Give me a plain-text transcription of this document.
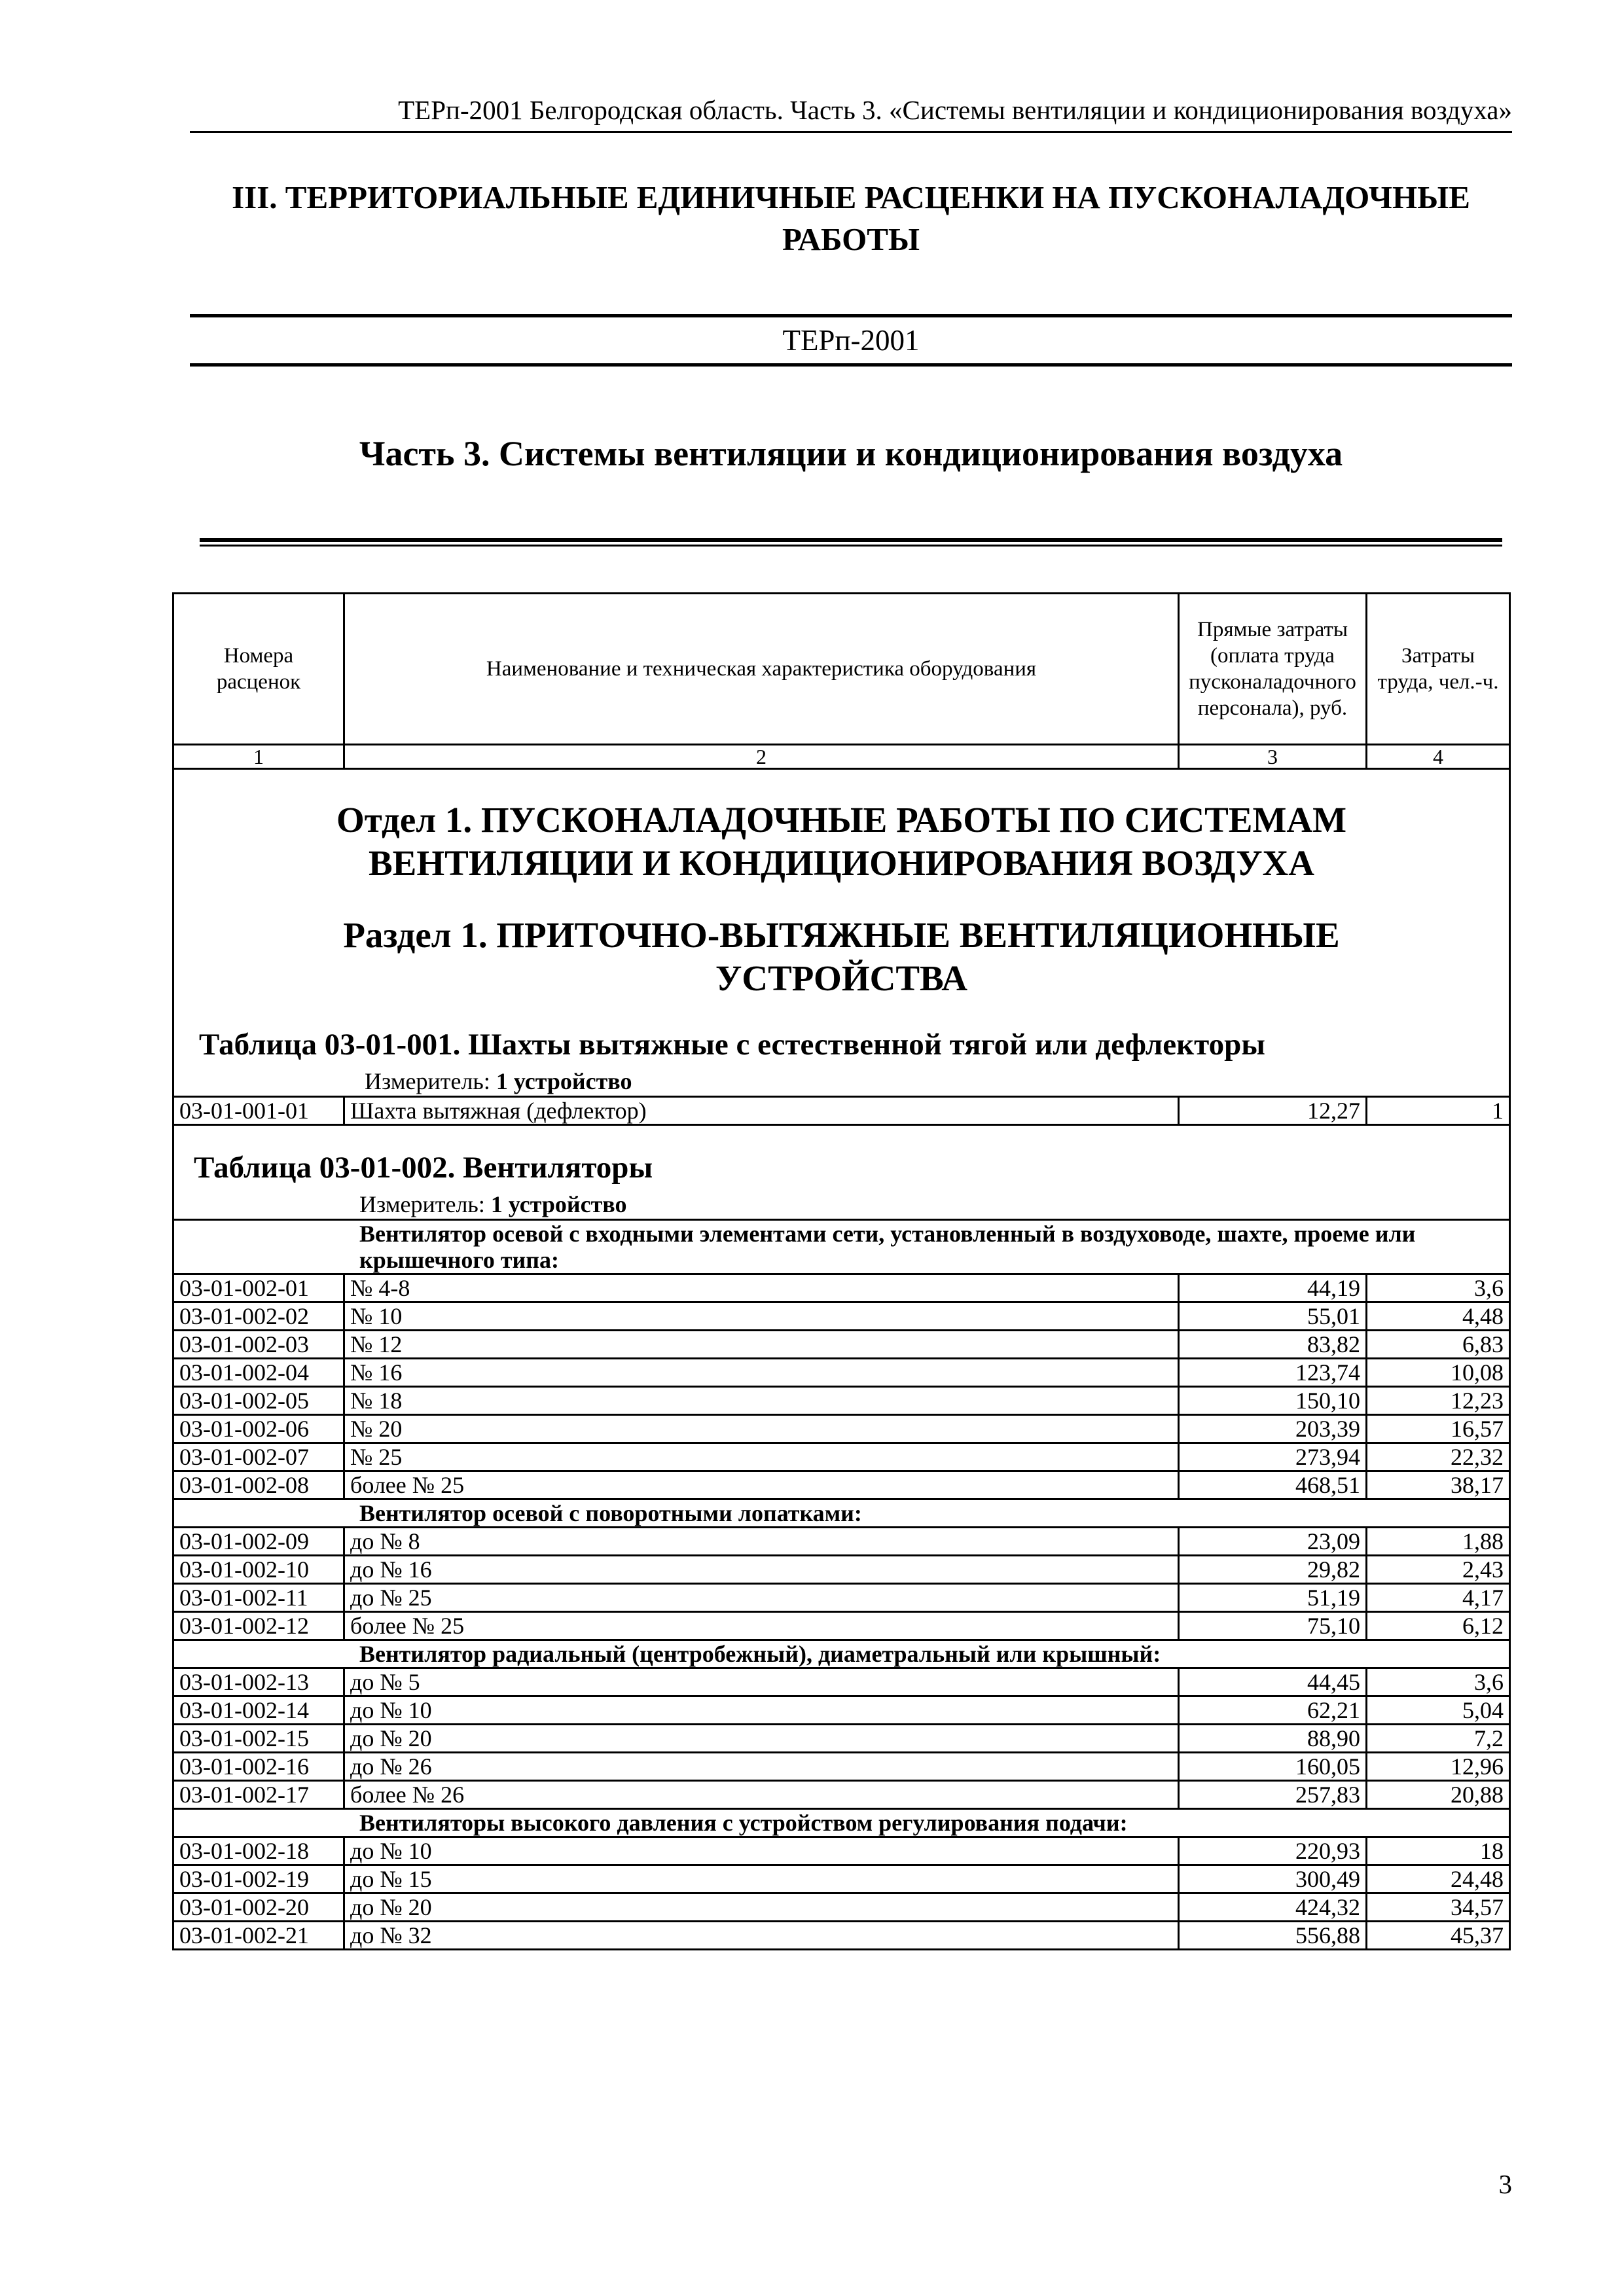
ТЕРп-2001 Белгородская область. Часть 3. «Системы вентиляции и кондиционирования воздуха»
III. ТЕРРИТОРИАЛЬНЫЕ ЕДИНИЧНЫЕ РАСЦЕНКИ НА ПУСКОНАЛАДОЧНЫЕ РАБОТЫ
ТЕРп-2001
Часть 3. Системы вентиляции и кондиционирования воздуха
Номера расценок	Наименование и техническая характеристика оборудования	Прямые затраты (оплата труда пусконаладочного персонала), руб.	Затраты труда, чел.-ч.
1	2	3	4

Отдел 1. ПУСКОНАЛАДОЧНЫЕ РАБОТЫ ПО СИСТЕМАМ ВЕНТИЛЯЦИИ И КОНДИЦИОНИРОВАНИЯ ВОЗДУХА
Раздел 1. ПРИТОЧНО-ВЫТЯЖНЫЕ ВЕНТИЛЯЦИОННЫЕ УСТРОЙСТВА
Таблица 03-01-001. Шахты вытяжные с естественной тягой или дефлекторы
Измеритель: 1 устройство			

03-01-001-01	Шахта вытяжная (дефлектор)	12,27	1

Таблица 03-01-002. Вентиляторы
Измеритель: 1 устройство			

Вентилятор осевой с входными элементами сети, установленный в воздуховоде, шахте, проеме или крышечного типа:			
03-01-002-01	№ 4-8	44,19	3,6
03-01-002-02	№ 10	55,01	4,48
03-01-002-03	№ 12	83,82	6,83
03-01-002-04	№ 16	123,74	10,08
03-01-002-05	№ 18	150,10	12,23
03-01-002-06	№ 20	203,39	16,57
03-01-002-07	№ 25	273,94	22,32
03-01-002-08	более № 25	468,51	38,17
Вентилятор осевой с поворотными лопатками:			
03-01-002-09	до № 8	23,09	1,88
03-01-002-10	до № 16	29,82	2,43
03-01-002-11	до № 25	51,19	4,17
03-01-002-12	более № 25	75,10	6,12
Вентилятор радиальный (центробежный), диаметральный или крышный:			
03-01-002-13	до № 5	44,45	3,6
03-01-002-14	до № 10	62,21	5,04
03-01-002-15	до № 20	88,90	7,2
03-01-002-16	до № 26	160,05	12,96
03-01-002-17	более № 26	257,83	20,88
Вентиляторы высокого давления с устройством регулирования подачи:			
03-01-002-18	до № 10	220,93	18
03-01-002-19	до № 15	300,49	24,48
03-01-002-20	до № 20	424,32	34,57
03-01-002-21	до № 32	556,88	45,37
3
